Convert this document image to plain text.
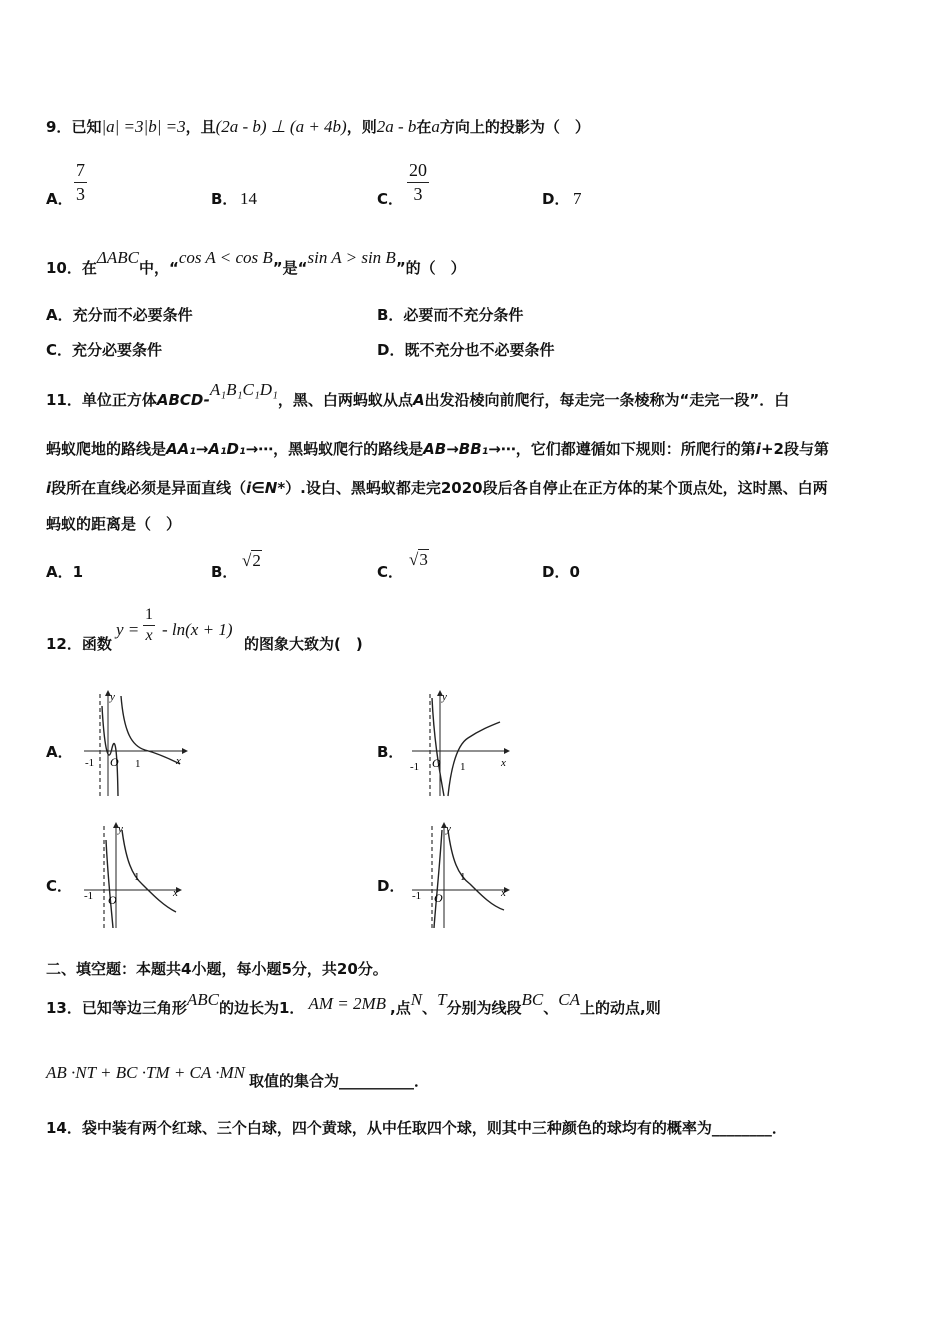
9．已知|a| =3|b| =3，且(2a - b) ⊥ (a + 4b)，则2a - b在a方向上的投影为（　）
A．
7
3	B． 14	C．
20
3	D． 7
10．在ΔABC中，“cos A < cos B”是“sin A > sin B”的（　）
A．充分而不必要条件	B．必要而不充分条件
C．充分必要条件	D．既不充分也不必要条件
11．单位正方体ABCD-A₁B₁C₁D₁，黑、白两蚂蚁从点A出发沿棱向前爬行，每走完一条棱称为“走完一段”．白
蚂蚁爬地的路线是AA₁→A₁D₁→⋯，黑蚂蚁爬行的路线是AB→BB₁→⋯，它们都遵循如下规则：所爬行的第i+2段与第
i段所在直线必须是异面直线（i∈N*）.设白、黑蚂蚁都走完2020段后各自停止在正方体的某个顶点处，这时黑、白两
蚂蚁的距离是（　）
A．1	B．
√2
C．
√3
D．0
12．函数
y =
1
x - ln(x + 1)
的图象大致为(　)
A．	B．
C．	D．
y
x
O
-1	1
y
x
O
-1	1
y
x
O
-1
1
y
x
O
-1
1
二、填空题：本题共4小题，每小题5分，共20分。
13．已知等边三角形ABC的边长为1． AM = 2MB ,点N、T分别为线段BC、CA上的动点,则
AB ·NT + BC ·TM + CA ·MN 取值的集合为__________．
14．袋中装有两个红球、三个白球，四个黄球，从中任取四个球，则其中三种颜色的球均有的概率为________．
